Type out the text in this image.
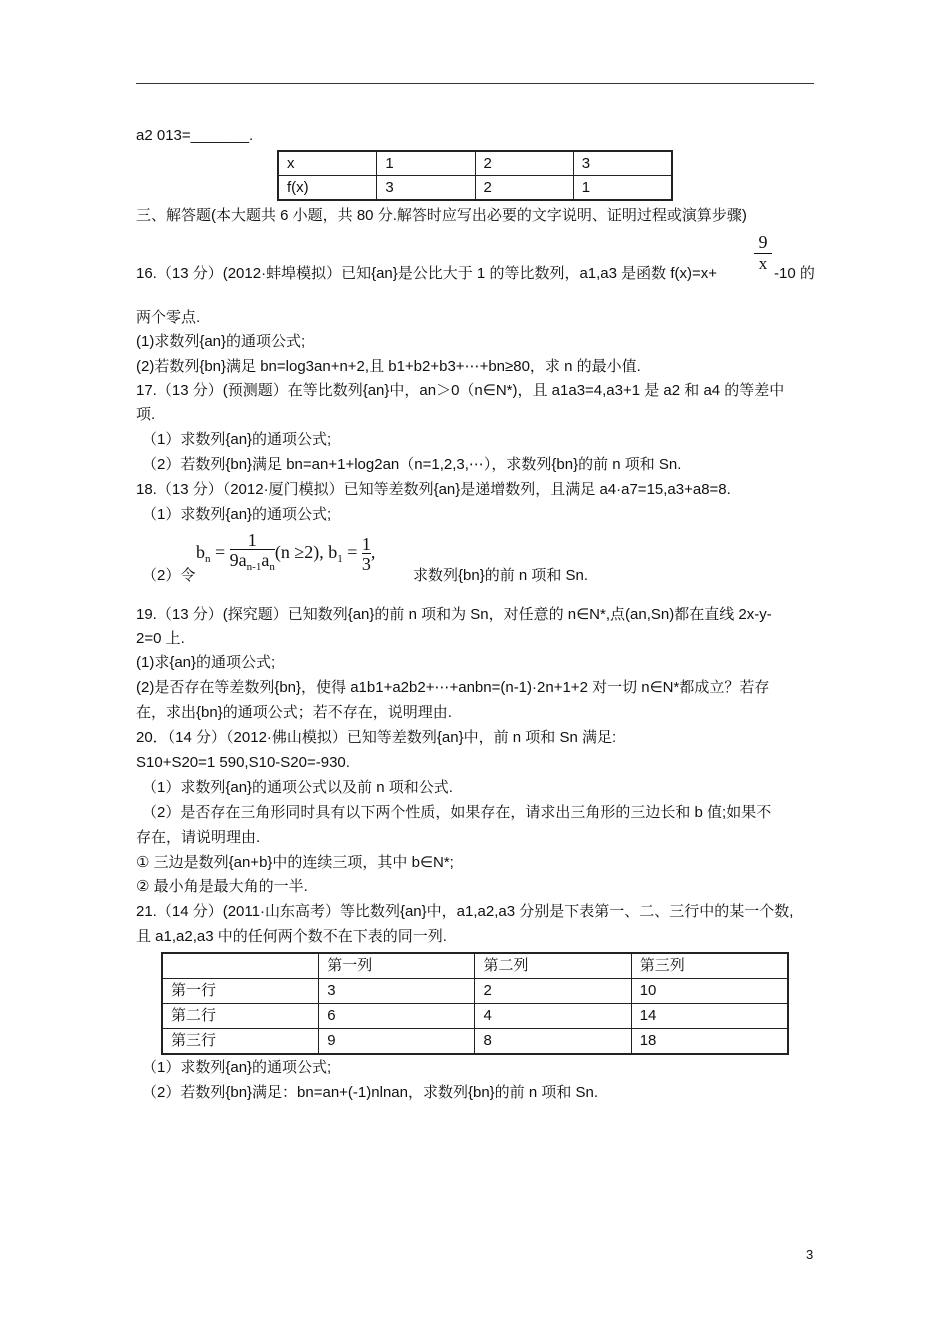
a2 013=_______.
x	1	2	3
f(x)	3	2	1
三、解答题(本大题共 6 小题，共 80 分.解答时应写出必要的文字说明、证明过程或演算步骤)
9
x
16.（13 分）(2012·蚌埠模拟）已知{an}是公比大于 1 的等比数列，a1,a3 是函数 f(x)=x+	-10 的
两个零点.
(1)求数列{an}的通项公式;
(2)若数列{bn}满足 bn=log3an+n+2,且 b1+b2+b3+⋯+bn≥80，求 n 的最小值.
17.（13 分）(预测题）在等比数列{an}中，an＞0（n∈N*)，且 a1a3=4,a3+1 是 a2 和 a4 的等差中
项.
（1）求数列{an}的通项公式;
（2）若数列{bn}满足 bn=an+1+log2an（n=1,2,3,⋯），求数列{bn}的前 n 项和 Sn.
18.（13 分）（2012·厦门模拟）已知等差数列{an}是递增数列，且满足 a4·a7=15,a3+a8=8.
（1）求数列{an}的通项公式;
（2）令
$b_n = \frac{1}{9a_{n-1}a_n} (n \ge 2)$, $b_1 = \frac{1}{3}$ ,
求数列{bn}的前 n 项和 Sn.
19.（13 分）(探究题）已知数列{an}的前 n 项和为 Sn，对任意的 n∈N*,点(an,Sn)都在直线 2x-y-
2=0 上.
(1)求{an}的通项公式;
(2)是否存在等差数列{bn}，使得 a1b1+a2b2+⋯+anbn=(n-1)·2n+1+2 对一切 n∈N*都成立？若存
在，求出{bn}的通项公式；若不存在，说明理由.
20．（14 分）（2012·佛山模拟）已知等差数列{an}中，前 n 项和 Sn 满足:
S10+S20=1 590,S10-S20=-930.
（1）求数列{an}的通项公式以及前 n 项和公式.
（2）是否存在三角形同时具有以下两个性质，如果存在，请求出三角形的三边长和 b 值;如果不
存在，请说明理由.
① 三边是数列{an+b}中的连续三项，其中 b∈N*;
② 最小角是最大角的一半.
21.（14 分）(2011·山东高考）等比数列{an}中，a1,a2,a3 分别是下表第一、二、三行中的某一个数,
且 a1,a2,a3 中的任何两个数不在下表的同一列.
	第一列	第二列	第三列
第一行	3	2	10
第二行	6	4	14
第三行	9	8	18
（1）求数列{an}的通项公式;
（2）若数列{bn}满足：bn=an+(-1)nlnan，求数列{bn}的前 n 项和 Sn.
3
